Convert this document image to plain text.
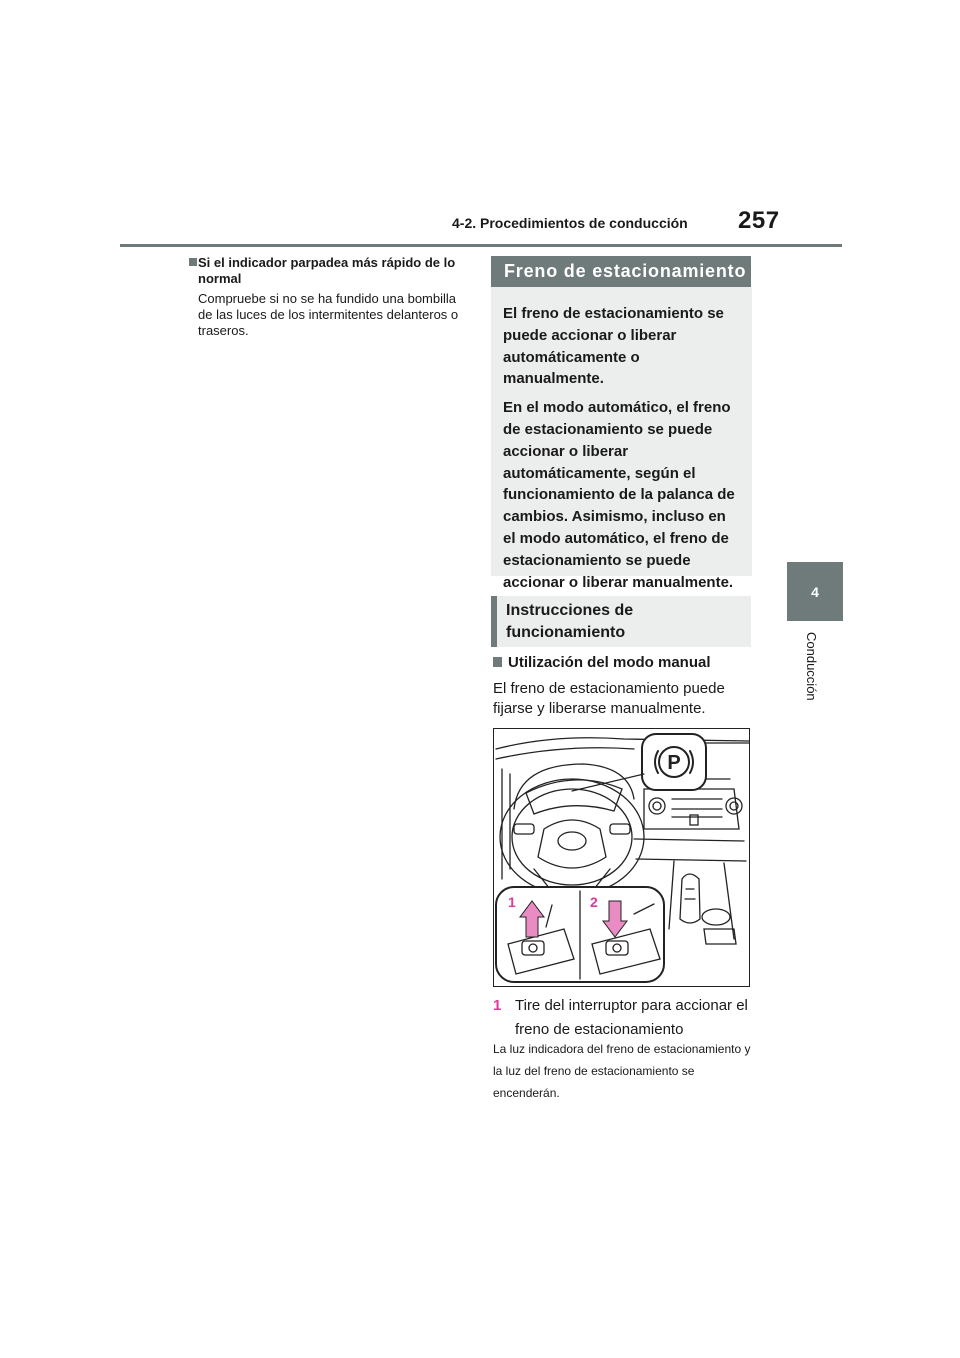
4-2. Procedimientos de conducción 257
4
Conducción
Si el indicador parpadea más rápido de lo normal
Compruebe si no se ha fundido una bombilla de las luces de los intermitentes delanteros o traseros.
Freno de estacionamiento

El freno de estacionamiento se puede accionar o liberar automáticamente o manualmente.

En el modo automático, el freno de estacionamiento se puede accionar o liberar automáticamente, según el funcionamiento de la palanca de cambios. Asimismo, incluso en el modo automático, el freno de estacionamiento se puede accionar o liberar manualmente.

Instrucciones de funcionamiento
Utilización del modo manual
El freno de estacionamiento puede fijarse y liberarse manualmente.
P
1	2
1 Tire del interruptor para accionar el freno de estacionamiento
La luz indicadora del freno de estacionamiento y la luz del freno de estacionamiento se encenderán.
